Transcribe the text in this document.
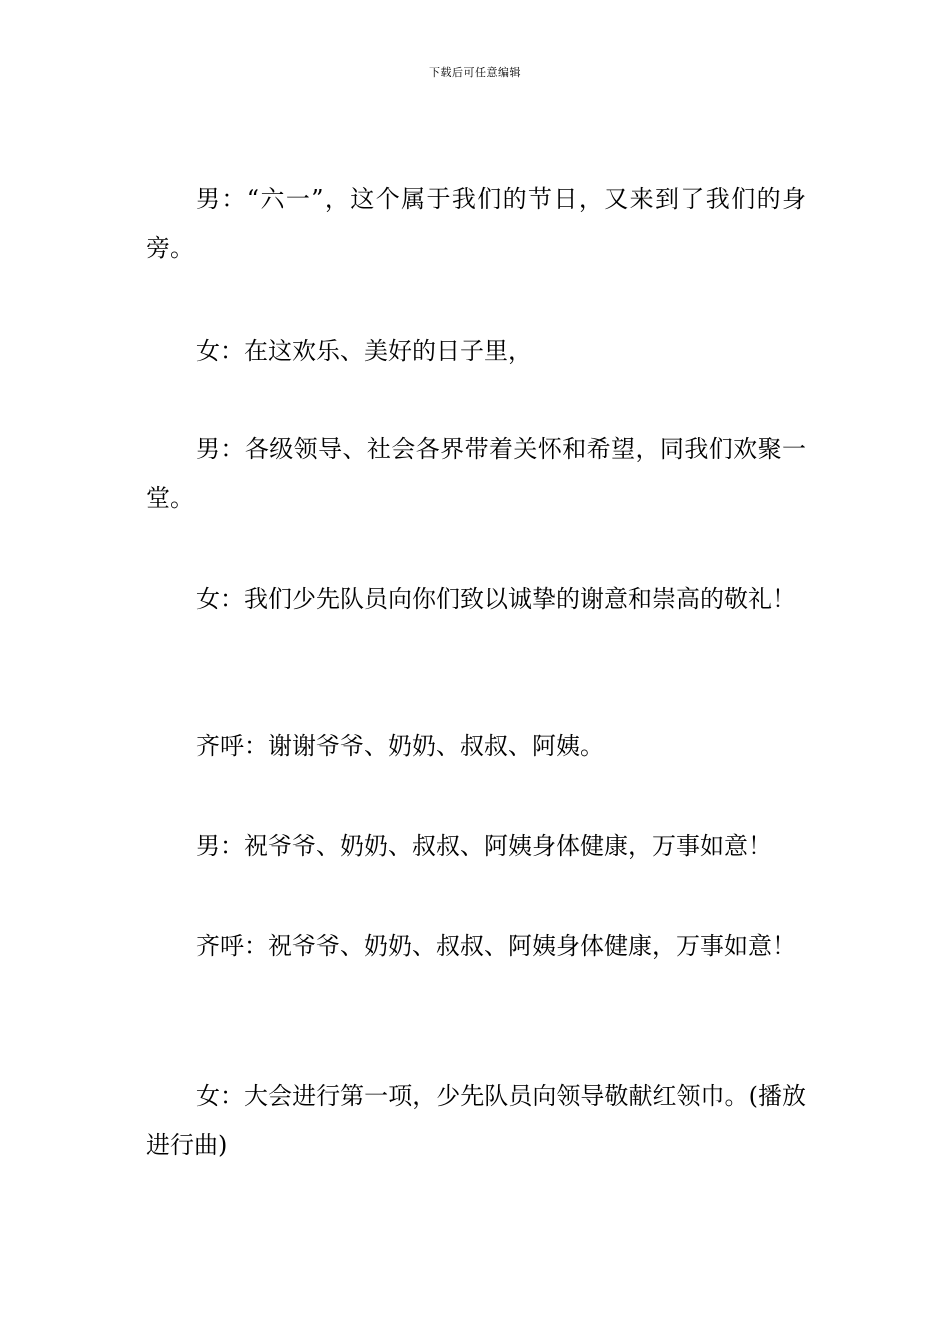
下载后可任意编辑

男：“六一”，这个属于我们的节日，又来到了我们的身旁。

女：在这欢乐、美好的日子里，

男：各级领导、社会各界带着关怀和希望，同我们欢聚一堂。

女：我们少先队员向你们致以诚挚的谢意和崇高的敬礼！

齐呼：谢谢爷爷、奶奶、叔叔、阿姨。

男：祝爷爷、奶奶、叔叔、阿姨身体健康，万事如意！

齐呼：祝爷爷、奶奶、叔叔、阿姨身体健康，万事如意！

女：大会进行第一项，少先队员向领导敬献红领巾。(播放进行曲)
